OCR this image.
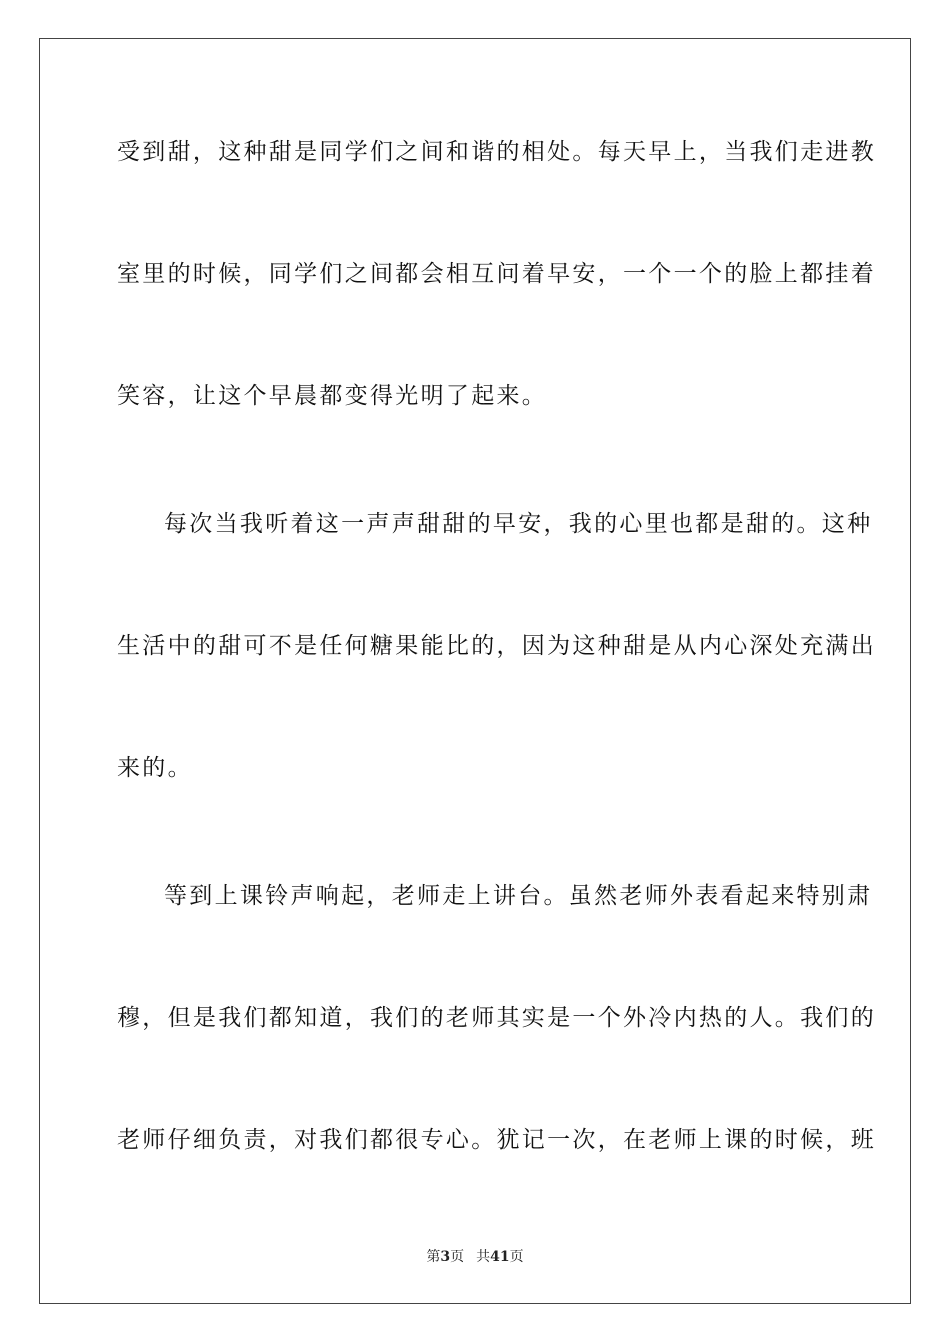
受到甜，这种甜是同学们之间和谐的相处。每天早上，当我们走进教
室里的时候，同学们之间都会相互问着早安，一个一个的脸上都挂着
笑容，让这个早晨都变得光明了起来。
每次当我听着这一声声甜甜的早安，我的心里也都是甜的。这种
生活中的甜可不是任何糖果能比的，因为这种甜是从内心深处充满出
来的。
等到上课铃声响起，老师走上讲台。虽然老师外表看起来特别肃
穆，但是我们都知道，我们的老师其实是一个外冷内热的人。我们的
老师仔细负责，对我们都很专心。犹记一次，在老师上课的时候，班
第3页 共41页
